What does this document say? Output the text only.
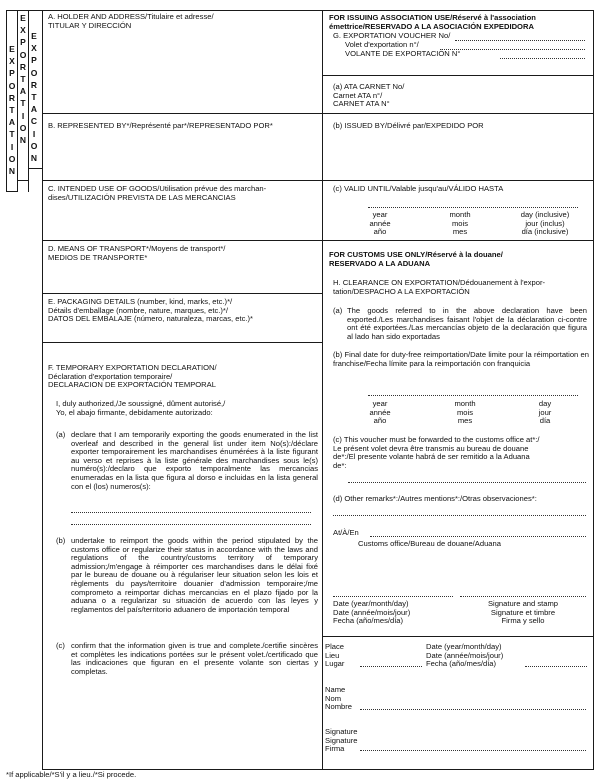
E
X
P
O
R
T
A
T
I
O
N
E
X
P
O
R
T
A
T
I
O
N
E
X
P
O
R
T
A
C
I
O
N

A. HOLDER AND ADDRESS/Titulaire et adresse/
TITULAR Y DIRECCIÓN

B. REPRESENTED BY*/Représenté par*/REPRESENTADO POR*

C. INTENDED USE OF GOODS/Utilisation prévue des marchan-
dises/UTILIZACIÓN PREVISTA DE LAS MERCANCIAS

D. MEANS OF TRANSPORT*/Moyens de transport*/
MEDIOS DE TRANSPORTE*

E. PACKAGING DETAILS (number, kind, marks, etc.)*/
Détails d'emballage (nombre, nature, marques, etc.)*/
DATOS DEL EMBALAJE (número, naturaleza, marcas, etc.)*

F. TEMPORARY EXPORTATION DECLARATION/
Déclaration d'exportation temporaire/
DECLARACION DE EXPORTACIÓN TEMPORAL

I, duly authorized,/Je soussigné, dûment autorisé,/
Yo, el abajo firmante, debidamente autorizado:

(a) declare that I am temporarily exporting the goods enumerated in the list overleaf and described in the general list under item No(s):/déclare exporter temporairement les marchandises énumérées à la liste figurant au verso et reprises à la liste générale des marchandises sous le(s) numéro(s):/declaro que exporto temporalmente las mercancias enumeradas en la lista que figura al dorso e incluidas en la lista general con el (los) numeros(s):

(b) undertake to reimport the goods within the period stipulated by the customs office or regularize their status in accordance with the laws and regulations of the country/customs territory of temporary admission;/m'engage à réimporter ces marchandises dans le délai fixé par le bureau de douane ou à régulariser leur situation selon les lois et règlements du pays/territoire douanier d'admission temporaire;/me comprometo a reimportar dichas mercancias en el plazo fijado por la aduana o a regularizar su situación de acuerdo con las leyes y reglamentos del país/territorio aduanero de importación temporal

(c) confirm that the information given is true and complete./certifie sincères et complètes les indications portées sur le présent volet./certificado que las indicaciones que figuran en el presente volante son ciertas y completas.

FOR ISSUING ASSOCIATION USE/Réservé à l'association
émettrice/RESERVADO A LA ASOCIACIÓN EXPEDIDORA

G. EXPORTATION VOUCHER No/

Volet d'exportation n°/

VOLANTE DE EXPORTACIÓN N°

(a) ATA CARNET No/
Carnet ATA n°/
CARNET ATA N°

(b) ISSUED BY/Délivré par/EXPEDIDO POR

(c) VALID UNTIL/Valable jusqu'au/VÁLIDO HASTA

year
année
año

month
mois
mes

day (inclusive)
jour (inclus)
día (inclusive)

FOR CUSTOMS USE ONLY/Réservé à la douane/
RESERVADO A LA ADUANA

H. CLEARANCE ON EXPORTATION/Dédouanement à l'expor-
tation/DESPACHO A LA EXPORTACIÓN

(a) The goods referred to in the above declaration have been exported./Les marchandises faisant l'objet de la déclaration ci-contre ont été exportées./Las mercancías objeto de la declaración que figura al lado han sido exportadas

(b) Final date for duty-free reimportation/Date limite pour la réimportation en franchise/Fecha límite para la reimportación con franquicia

year
année
año

month
mois
mes

day
jour
día

(c) This voucher must be forwarded to the customs office at*:/
Le présent volet devra être transmis au bureau de douane
de*:/El presente volante habrá de ser remitido a la Aduana
de*:

(d) Other remarks*:/Autres mentions*:/Otras observaciones*:

At/À/En

Customs office/Bureau de douane/Aduana

Date (year/month/day)
Date (année/mois/jour)
Fecha (año/mes/día)

Signature and stamp
Signature et timbre
Firma y sello

Place
Lieu
Lugar

Date (year/month/day)
Date (année/mois/jour)
Fecha (año/mes/día)

Name
Nom
Nombre

Signature
Signature
Firma

*If applicable/*S'il y a lieu./*Si procede.
